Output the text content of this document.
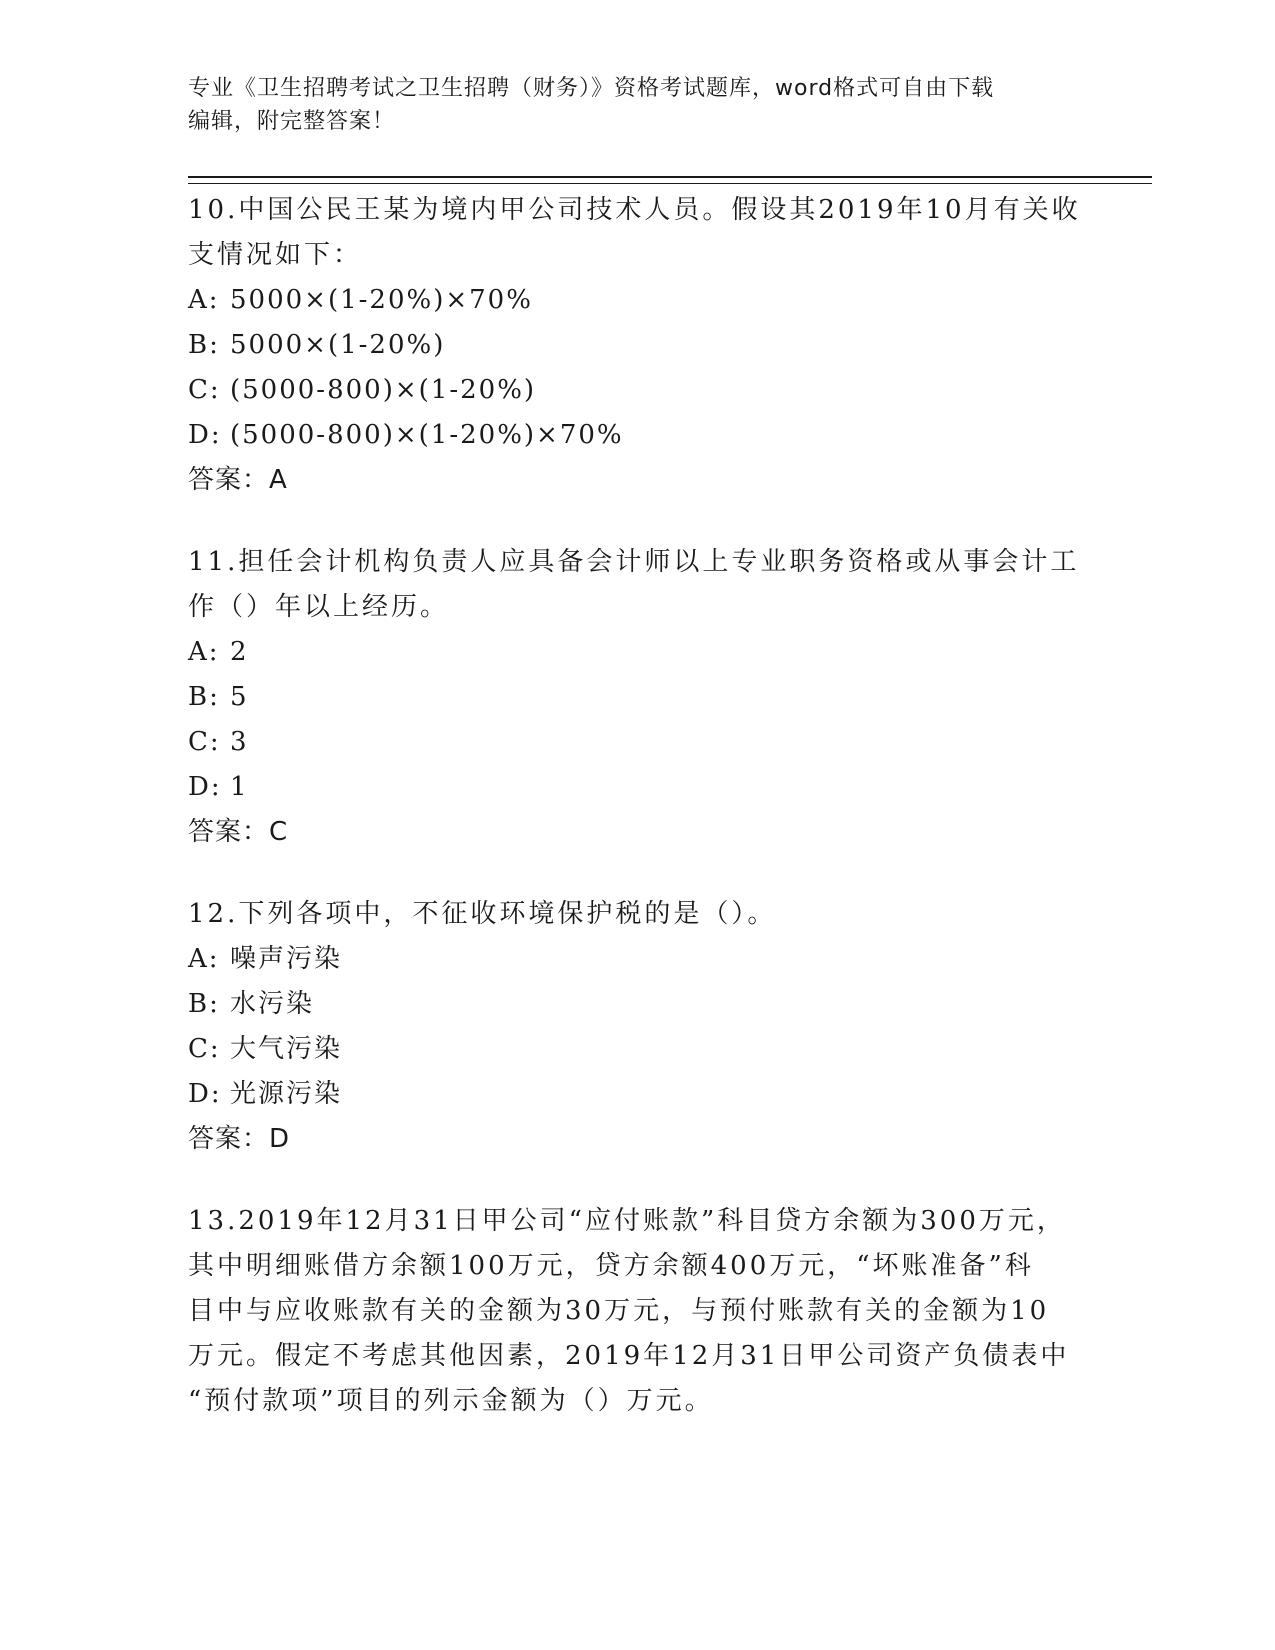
专业《卫生招聘考试之卫生招聘（财务）》资格考试题库，word格式可自由下载
编辑，附完整答案！

10.中国公民王某为境内甲公司技术人员。假设其2019年10月有关收
支情况如下：

A: 5000×(1-20%)×70%

B: 5000×(1-20%)

C: (5000-800)×(1-20%)

D: (5000-800)×(1-20%)×70%

答案：A

11.担任会计机构负责人应具备会计师以上专业职务资格或从事会计工
作（）年以上经历。

A: 2

B: 5

C: 3

D: 1

答案：C

12.下列各项中，不征收环境保护税的是（）。

A: 噪声污染

B: 水污染

C: 大气污染

D: 光源污染

答案：D

13.2019年12月31日甲公司“应付账款”科目贷方余额为300万元，
其中明细账借方余额100万元，贷方余额400万元，“坏账准备”科
目中与应收账款有关的金额为30万元，与预付账款有关的金额为10
万元。假定不考虑其他因素，2019年12月31日甲公司资产负债表中
“预付款项”项目的列示金额为（）万元。
